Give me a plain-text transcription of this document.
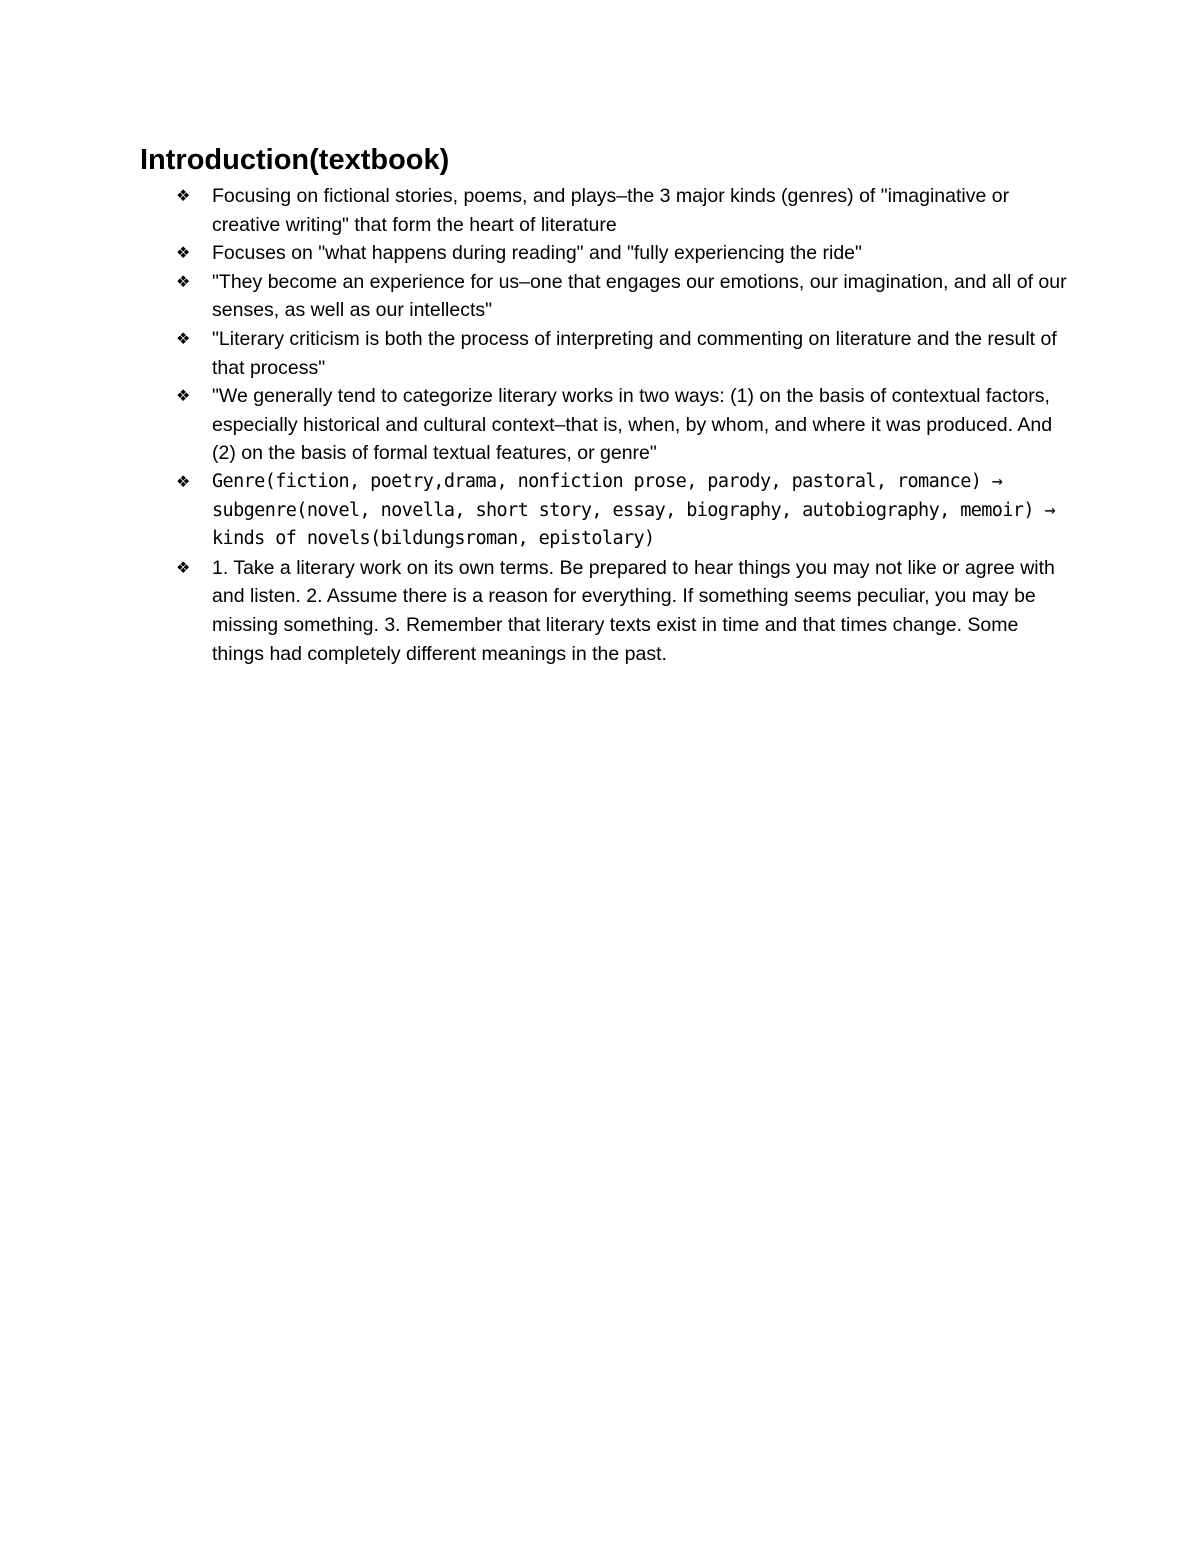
Introduction(textbook)
❖ Focusing on fictional stories, poems, and plays–the 3 major kinds (genres) of "imaginative or creative writing" that form the heart of literature
❖ Focuses on "what happens during reading" and "fully experiencing the ride"
❖ "They become an experience for us–one that engages our emotions, our imagination, and all of our senses, as well as our intellects"
❖ "Literary criticism is both the process of interpreting and commenting on literature and the result of that process"
❖ "We generally tend to categorize literary works in two ways: (1) on the basis of contextual factors, especially historical and cultural context–that is, when, by whom, and where it was produced. And (2) on the basis of formal textual features, or genre"
❖	Genre(fiction, poetry,drama, nonfiction prose, parody, pastoral, romance) → subgenre(novel, novella, short story, essay, biography, autobiography, memoir) → kinds of novels(bildungsroman, epistolary)
❖ 1. Take a literary work on its own terms. Be prepared to hear things you may not like or agree with and listen. 2. Assume there is a reason for everything. If something seems peculiar, you may be missing something. 3. Remember that literary texts exist in time and that times change. Some things had completely different meanings in the past.
